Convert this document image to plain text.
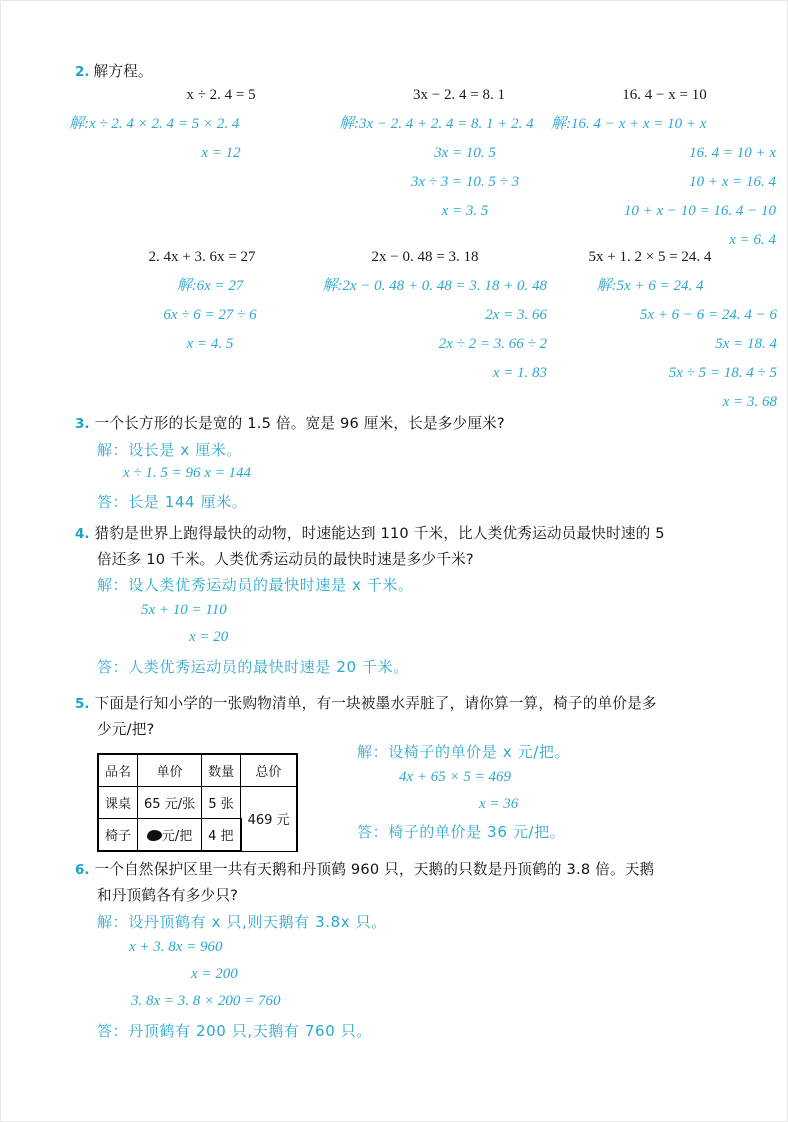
2. 解方程。
x ÷ 2. 4 = 5
解:x ÷ 2. 4 × 2. 4 = 5 × 2. 4
x = 12
3x − 2. 4 = 8. 1
解:3x − 2. 4 + 2. 4 = 8. 1 + 2. 4
3x = 10. 5
3x ÷ 3 = 10. 5 ÷ 3
x = 3. 5
16. 4 − x = 10
解:16. 4 − x + x = 10 + x
16. 4 = 10 + x
10 + x = 16. 4
10 + x − 10 = 16. 4 − 10
x = 6. 4
2. 4x + 3. 6x = 27
解:6x = 27
6x ÷ 6 = 27 ÷ 6
x = 4. 5
2x − 0. 48 = 3. 18
解:2x − 0. 48 + 0. 48 = 3. 18 + 0. 48
2x = 3. 66
2x ÷ 2 = 3. 66 ÷ 2
x = 1. 83
5x + 1. 2 × 5 = 24. 4
解:5x + 6 = 24. 4
5x + 6 − 6 = 24. 4 − 6
5x = 18. 4
5x ÷ 5 = 18. 4 ÷ 5
x = 3. 68
3. 一个长方形的长是宽的 1.5 倍。宽是 96 厘米，长是多少厘米?
解：设长是 x 厘米。
x ÷ 1. 5 = 96 x = 144
答：长是 144 厘米。
4. 猎豹是世界上跑得最快的动物，时速能达到 110 千米，比人类优秀运动员最快时速的 5
倍还多 10 千米。人类优秀运动员的最快时速是多少千米?
解：设人类优秀运动员的最快时速是 x 千米。
5x + 10 = 110
x = 20
答：人类优秀运动员的最快时速是 20 千米。
5. 下面是行知小学的一张购物清单，有一块被墨水弄脏了，请你算一算，椅子的单价是多
少元/把?
品名	单价	数量	总价
课桌	65 元/张	5 张	469 元
椅子	元/把	4 把	
解：设椅子的单价是 x 元/把。
4x + 65 × 5 = 469
x = 36
答：椅子的单价是 36 元/把。
6. 一个自然保护区里一共有天鹅和丹顶鹤 960 只，天鹅的只数是丹顶鹤的 3.8 倍。天鹅
和丹顶鹤各有多少只?
解：设丹顶鹤有 x 只,则天鹅有 3.8x 只。
x + 3. 8x = 960
x = 200
3. 8x = 3. 8 × 200 = 760
答：丹顶鹤有 200 只,天鹅有 760 只。
